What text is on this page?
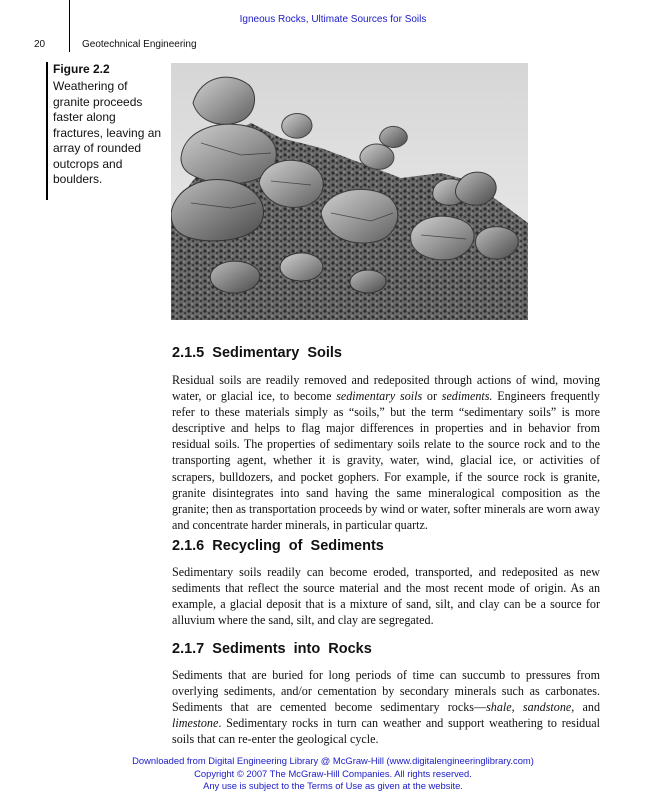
Igneous Rocks, Ultimate Sources for Soils
20	Geotechnical Engineering
Figure 2.2
Weathering of granite proceeds faster along fractures, leaving an array of rounded outcrops and boulders.
2.1.5 Sedimentary Soils

Residual soils are readily removed and redeposited through actions of wind, moving water, or glacial ice, to become sedimentary soils or sediments. Engineers frequently refer to these materials simply as “soils,” but the term “sedimentary soils” is more descriptive and helps to flag major differences in properties and in behavior from residual soils. The properties of sedimentary soils relate to the source rock and to the transporting agent, whether it is gravity, water, wind, glacial ice, or activities of scrapers, bulldozers, and pocket gophers. For example, if the source rock is granite, granite disintegrates into sand having the same mineralogical composition as the granite; then as transportation proceeds by wind or water, softer minerals are worn away and concentrate harder minerals, in particular quartz.

2.1.6 Recycling of Sediments

Sedimentary soils readily can become eroded, transported, and redeposited as new sediments that reflect the source material and the most recent mode of origin. As an example, a glacial deposit that is a mixture of sand, silt, and clay can be a source for alluvium where the sand, silt, and clay are segregated.

2.1.7 Sediments into Rocks

Sediments that are buried for long periods of time can succumb to pressures from overlying sediments, and/or cementation by secondary minerals such as carbonates. Sediments that are cemented become sedimentary rocks—shale, sandstone, and limestone. Sedimentary rocks in turn can weather and support weathering to residual soils that can re-enter the geological cycle.

Downloaded from Digital Engineering Library @ McGraw-Hill (www.digitalengineeringlibrary.com)
Copyright © 2007 The McGraw-Hill Companies. All rights reserved.
Any use is subject to the Terms of Use as given at the website.
